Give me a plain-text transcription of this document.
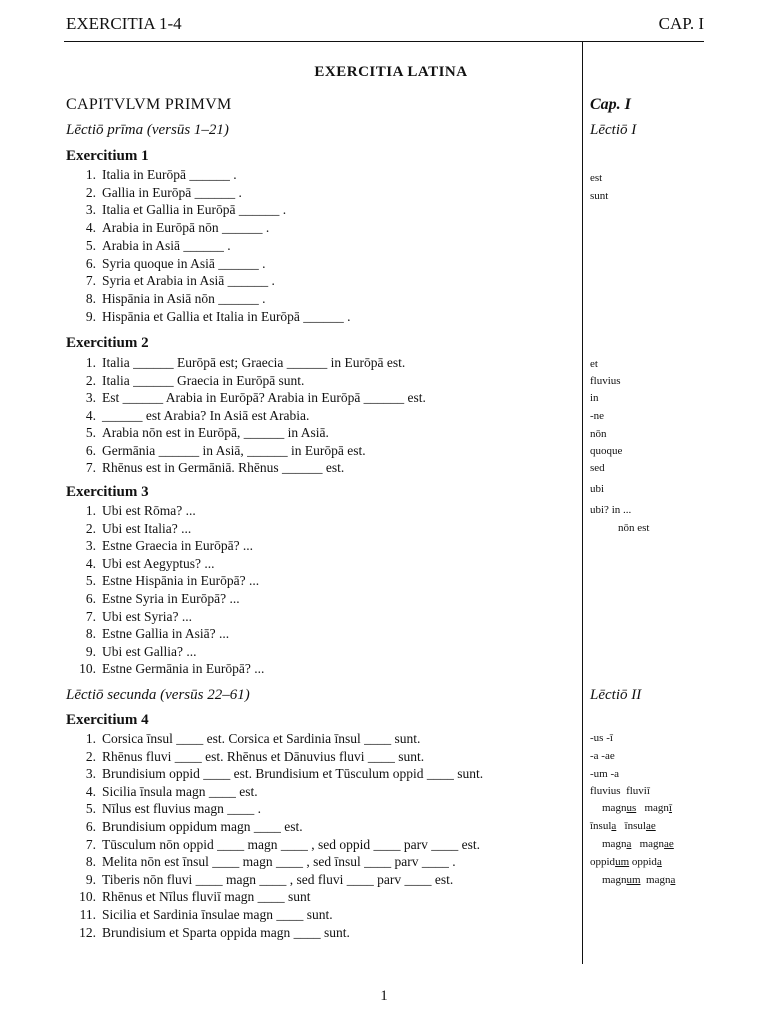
EXERCITIA 1-4	CAP. I
EXERCITIA LATINA
CAPITVLVM PRIMVM
Lēctiō prīma (versūs 1–21)
Exercitium 1
1. Italia in Eurōpā ______ .
2. Gallia in Eurōpā ______ .
3. Italia et Gallia in Eurōpā ______ .
4. Arabia in Eurōpā nōn ______ .
5. Arabia in Asiā ______ .
6. Syria quoque in Asiā ______ .
7. Syria et Arabia in Asiā ______ .
8. Hispānia in Asiā nōn ______ .
9. Hispānia et Gallia et Italia in Eurōpā ______ .
Exercitium 2
1. Italia ______ Eurōpā est; Graecia ______ in Eurōpā est.
2. Italia ______ Graecia in Eurōpā sunt.
3. Est ______ Arabia in Eurōpā? Arabia in Eurōpā ______ est.
4. ______ est Arabia? In Asiā est Arabia.
5. Arabia nōn est in Eurōpā, ______ in Asiā.
6. Germānia ______ in Asiā, ______ in Eurōpā est.
7. Rhēnus est in Germāniā. Rhēnus ______ est.
Exercitium 3
1. Ubi est Rōma? ...
2. Ubi est Italia? ...
3. Estne Graecia in Eurōpā? ...
4. Ubi est Aegyptus? ...
5. Estne Hispānia in Eurōpā? ...
6. Estne Syria in Eurōpā? ...
7. Ubi est Syria? ...
8. Estne Gallia in Asiā? ...
9. Ubi est Gallia? ...
10. Estne Germānia in Eurōpā? ...
Lēctiō secunda (versūs 22–61)
Exercitium 4
1. Corsica īnsul ____ est. Corsica et Sardinia īnsul ____ sunt.
2. Rhēnus fluvi ____ est. Rhēnus et Dānuvius fluvi ____ sunt.
3. Brundisium oppid ____ est. Brundisium et Tūsculum oppid ____ sunt.
4. Sicilia īnsula magn ____ est.
5. Nīlus est fluvius magn ____ .
6. Brundisium oppidum magn ____ est.
7. Tūsculum nōn oppid ____ magn ____ , sed oppid ____ parv ____ est.
8. Melita nōn est īnsul ____ magn ____ , sed īnsul ____ parv ____ .
9. Tiberis nōn fluvi ____ magn ____ , sed fluvi ____ parv ____ est.
10. Rhēnus et Nīlus fluviī magn ____ sunt
11. Sicilia et Sardinia īnsulae magn ____ sunt.
12. Brundisium et Sparta oppida magn ____ sunt.
Cap. I
Lēctiō I
est
sunt
et
fluvius
in
-ne
nōn
quoque
sed
ubi
ubi? in ...
nōn est
Lēctiō II
-us -ī
-a -ae
-um -a
fluvius fluviī
magnus magnī
īnsula īnsulae
magna magnae
oppidum oppida
magnum magna
1
